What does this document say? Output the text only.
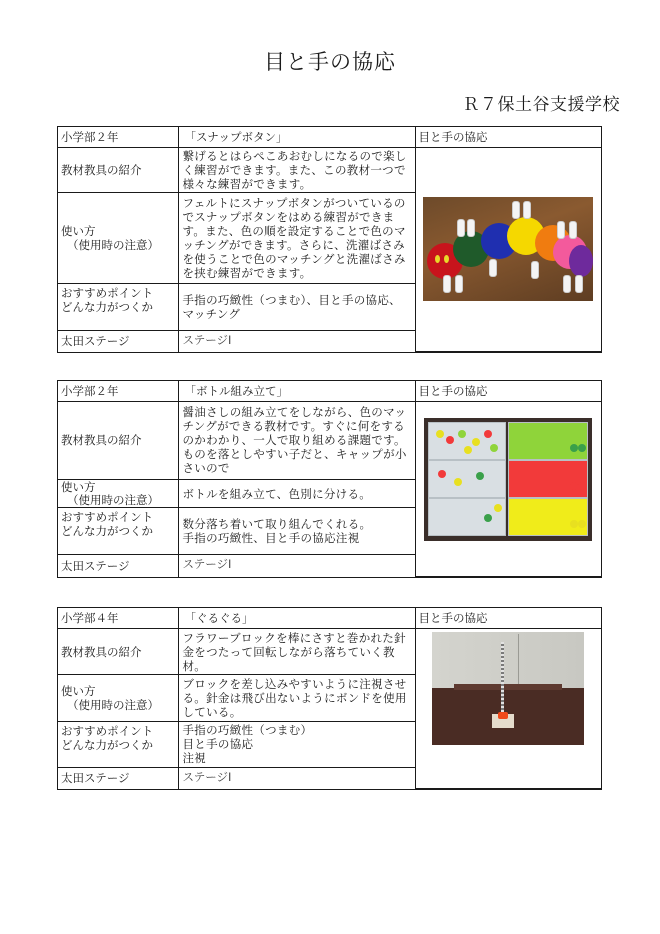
目と手の協応
Ｒ７保土谷支援学校
小学部２年	「スナップボタン」	目と手の協応
教材教具の紹介	繋げるとはらぺこあおむしになるので楽しく練習ができます。また、この教材一つで様々な練習ができます。	

使い方
（使用時の注意）	フェルトにスナップボタンがついているのでスナップボタンをはめる練習ができます。また、色の順を設定することで色のマッチングができます。さらに、洗濯ばさみを使うことで色のマッチングと洗濯ばさみを挟む練習ができます。	

おすすめポイント
どんな力がつくか	手指の巧緻性（つまむ）、目と手の協応、マッチング	
太田ステージ	ステージⅠ	
小学部２年	「ボトル組み立て」	目と手の協応
教材教具の紹介	醤油さしの組み立てをしながら、色のマッチングができる教材です。すぐに何をするのかわかり、一人で取り組める課題です。ものを落としやすい子だと、キャップが小さいので	

使い方
（使用時の注意）	ボトルを組み立て、色別に分ける。	

おすすめポイント
どんな力がつくか	数分落ち着いて取り組んでくれる。
手指の巧緻性、目と手の協応注視	

太田ステージ	ステージⅠ	
小学部４年	「ぐるぐる」	目と手の協応
教材教具の紹介	フラワーブロックを棒にさすと巻かれた針金をつたって回転しながら落ちていく教材。	

使い方
（使用時の注意）	ブロックを差し込みやすいように注視させる。針金は飛び出ないようにボンドを使用している。	

おすすめポイント
どんな力がつくか	手指の巧緻性（つまむ）
目と手の協応
注視	

太田ステージ	ステージⅠ	
